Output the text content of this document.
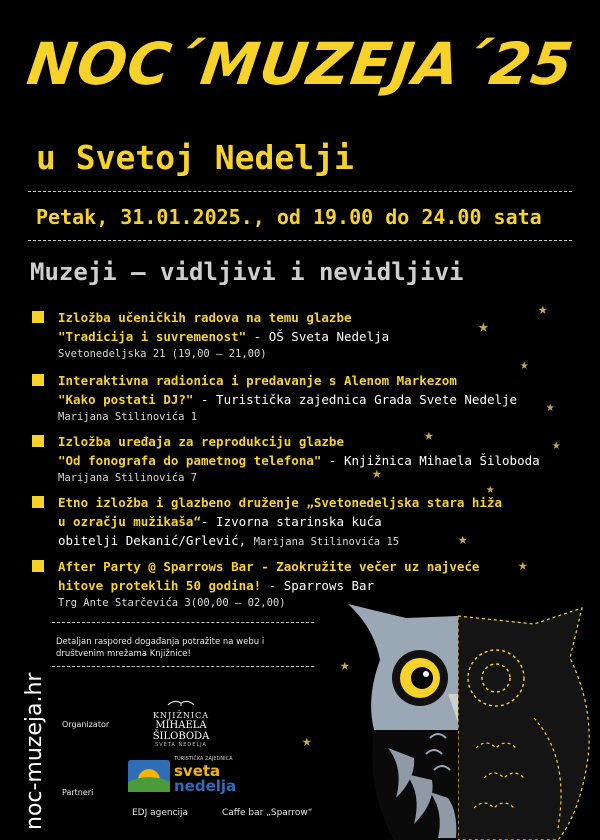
NOC´MUZEJA´25
u Svetoj Nedelji
Petak, 31.01.2025., od 19.00 do 24.00 sata
Muzeji – vidljivi i nevidljivi
Izložba učeničkih radova na temu glazbe
"Tradicija i suvremenost" - OŠ Sveta Nedelja
Svetonedeljska 21 (19,00 – 21,00)
Interaktivna radionica i predavanje s Alenom Markezom
"Kako postati DJ?" - Turistička zajednica Grada Svete Nedelje
Marijana Stilinovića 1
Izložba uređaja za reprodukciju glazbe
"Od fonografa do pametnog telefona" - Knjižnica Mihaela Šiloboda
Marijana Stilinovića 7
Etno izložba i glazbeno druženje „Svetonedeljska stara hiža
u ozračju mužikaša“- Izvorna starinska kuća
obitelji Dekanić/Grlević, Marijana Stilinovića 15
After Party @ Sparrows Bar - Zaokružite večer uz najveće
hitove proteklih 50 godina! - Sparrows Bar
Trg Ante Starčevića 3(00,00 – 02,00)
Detaljan raspored događanja potražite na webu i društvenim mrežama Knjižnice!
noc-muzeja.hr Organizator
KNJIŽNICA
MIHAELA ŠILOBODA
SVETA NEDELJA
Partneri
TURISTIČKA ZAJEDNICA
sveta
nedelja
EDJ agencija	Caffe bar „Sparrow“
★
★
★
★
★
★
★
★
★
★
★
★
